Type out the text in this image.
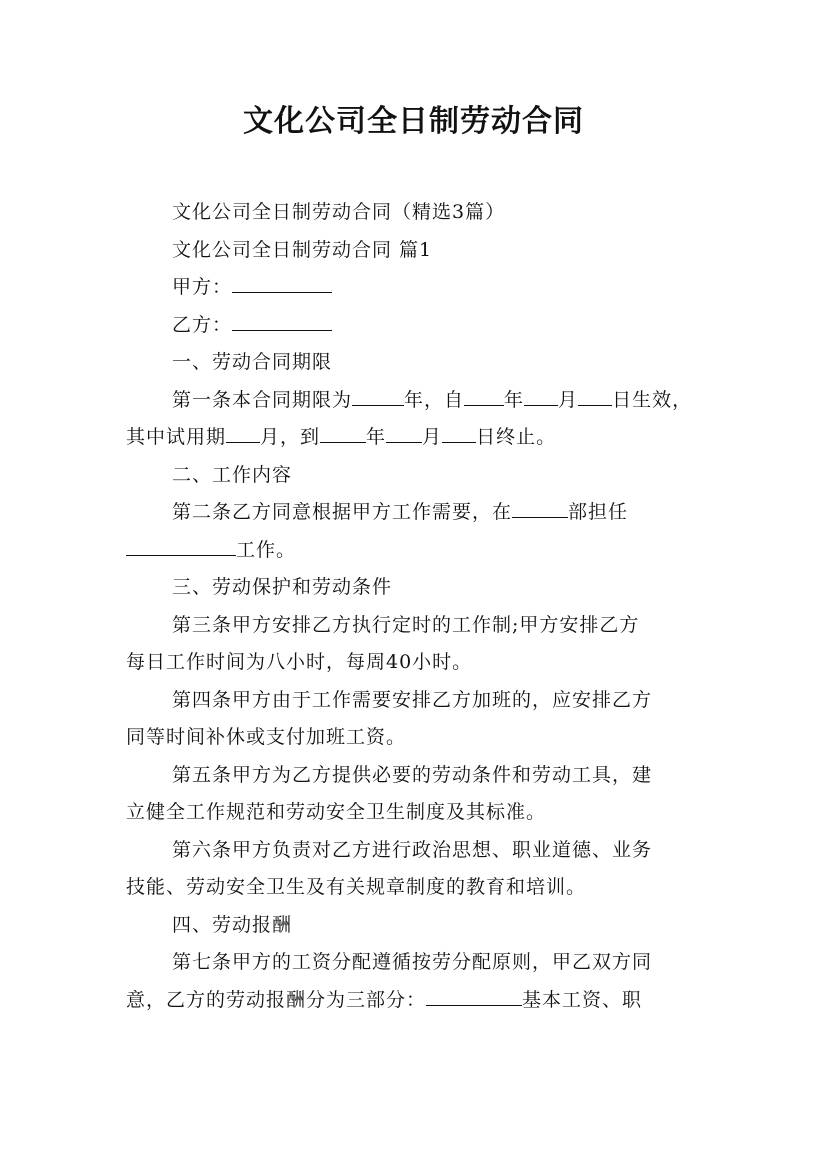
文化公司全日制劳动合同
文化公司全日制劳动合同（精选3篇）
文化公司全日制劳动合同 篇1
甲方：
乙方：
一、劳动合同期限
第一条本合同期限为	年，自 年 月 日生效，
其中试用期 月，到 年 月 日终止。
二、工作内容
第二条乙方同意根据甲方工作需要，在	部担任
工作。
三、劳动保护和劳动条件
第三条甲方安排乙方执行定时的工作制;甲方安排乙方
每日工作时间为八小时，每周40小时。
第四条甲方由于工作需要安排乙方加班的，应安排乙方
同等时间补休或支付加班工资。
第五条甲方为乙方提供必要的劳动条件和劳动工具，建
立健全工作规范和劳动安全卫生制度及其标准。
第六条甲方负责对乙方进行政治思想、职业道德、业务
技能、劳动安全卫生及有关规章制度的教育和培训。
四、劳动报酬
第七条甲方的工资分配遵循按劳分配原则，甲乙双方同
意，乙方的劳动报酬分为三部分：	基本工资、职
